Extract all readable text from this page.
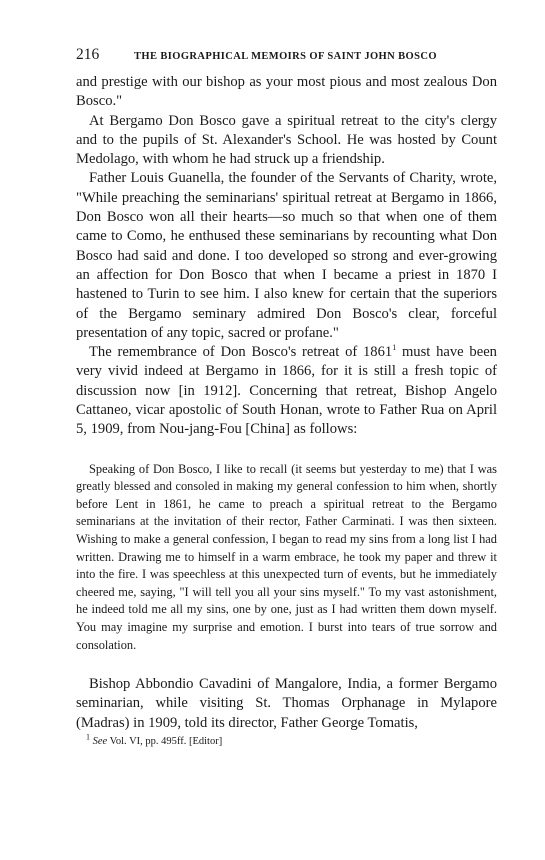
216	THE BIOGRAPHICAL MEMOIRS OF SAINT JOHN BOSCO

and prestige with our bishop as your most pious and most zealous Don Bosco."

At Bergamo Don Bosco gave a spiritual retreat to the city's clergy and to the pupils of St. Alexander's School. He was hosted by Count Medolago, with whom he had struck up a friendship.

Father Louis Guanella, the founder of the Servants of Charity, wrote, "While preaching the seminarians' spiritual retreat at Bergamo in 1866, Don Bosco won all their hearts—so much so that when one of them came to Como, he enthused these seminarians by recounting what Don Bosco had said and done. I too developed so strong and ever-growing an affection for Don Bosco that when I became a priest in 1870 I hastened to Turin to see him. I also knew for certain that the superiors of the Bergamo seminary admired Don Bosco's clear, forceful presentation of any topic, sacred or profane."

The remembrance of Don Bosco's retreat of 1861$^1$ must have been very vivid indeed at Bergamo in 1866, for it is still a fresh topic of discussion now [in 1912]. Concerning that retreat, Bishop Angelo Cattaneo, vicar apostolic of South Honan, wrote to Father Rua on April 5, 1909, from Nou-jang-Fou [China] as follows:

Speaking of Don Bosco, I like to recall (it seems but yesterday to me) that I was greatly blessed and consoled in making my general confession to him when, shortly before Lent in 1861, he came to preach a spiritual retreat to the Bergamo seminarians at the invitation of their rector, Father Carminati. I was then sixteen. Wishing to make a general confession, I began to read my sins from a long list I had written. Drawing me to himself in a warm embrace, he took my paper and threw it into the fire. I was speechless at this unexpected turn of events, but he immediately cheered me, saying, "I will tell you all your sins myself." To my vast astonishment, he indeed told me all my sins, one by one, just as I had written them down myself. You may imagine my surprise and emotion. I burst into tears of true sorrow and consolation.

Bishop Abbondio Cavadini of Mangalore, India, a former Bergamo seminarian, while visiting St. Thomas Orphanage in Mylapore (Madras) in 1909, told its director, Father George Tomatis,

$^1$ See Vol. VI, pp. 495ff. [Editor]
